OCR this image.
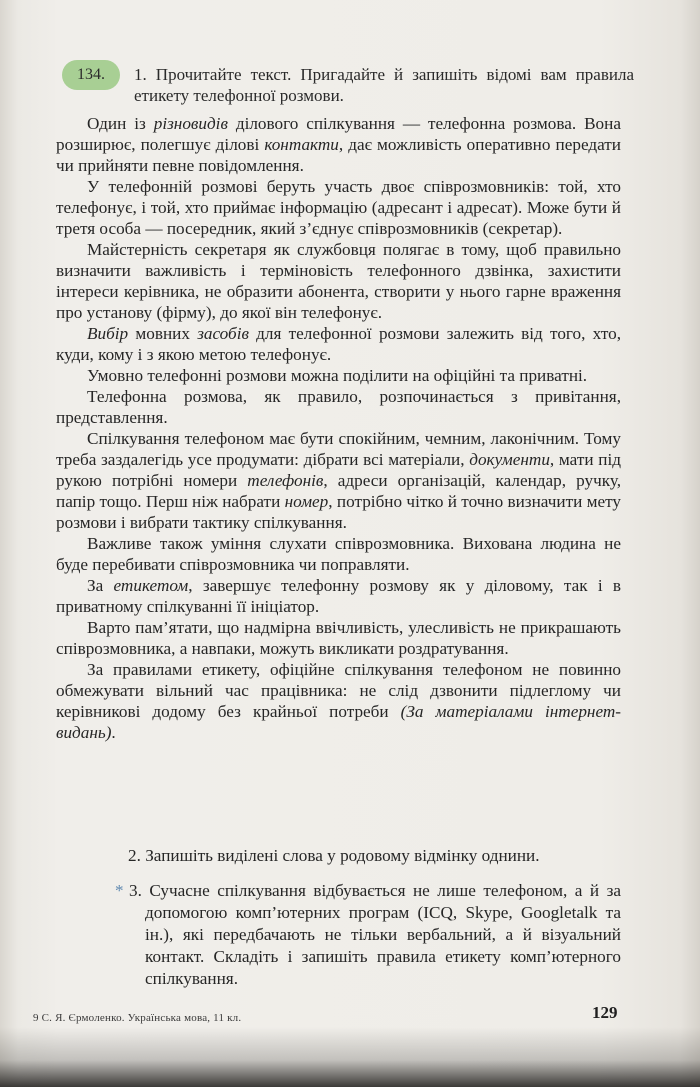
134.	1. Прочитайте текст. Пригадайте й запишіть відомі вам правила етикету телефонної розмови.

Один із різновидів ділового спілкування — телефонна розмова. Вона розширює, полегшує ділові контакти, дає можливість оперативно передати чи прийняти певне повідомлення.

У телефонній розмові беруть участь двоє співрозмовників: той, хто телефонує, і той, хто приймає інформацію (адресант і адресат). Може бути й третя особа — посередник, який з’єднує співрозмовників (секретар).

Майстерність секретаря як службовця полягає в тому, щоб правильно визначити важливість і терміновість телефонного дзвінка, захистити інтереси керівника, не образити абонента, створити у нього гарне враження про установу (фірму), до якої він телефонує.

Вибір мовних засобів для телефонної розмови залежить від того, хто, куди, кому і з якою метою телефонує.

Умовно телефонні розмови можна поділити на офіційні та приватні.

Телефонна розмова, як правило, розпочинається з привітання, представлення.

Спілкування телефоном має бути спокійним, чемним, лаконічним. Тому треба заздалегідь усе продумати: дібрати всі матеріали, документи, мати під рукою потрібні номери телефонів, адреси організацій, календар, ручку, папір тощо. Перш ніж набрати номер, потрібно чітко й точно визначити мету розмови і вибрати тактику спілкування.

Важливе також уміння слухати співрозмовника. Вихована людина не буде перебивати співрозмовника чи поправляти.

За етикетом, завершує телефонну розмову як у діловому, так і в приватному спілкуванні її ініціатор.

Варто пам’ятати, що надмірна ввічливість, улесливість не прикрашають співрозмовника, а навпаки, можуть викликати роздратування.

За правилами етикету, офіційне спілкування телефоном не повинно обмежувати вільний час працівника: не слід дзвонити підлеглому чи керівникові додому без крайньої потреби (За матеріалами інтернет-видань).

2. Запишіть виділені слова у родовому відмінку однини.
* 3. Сучасне спілкування відбувається не лише телефоном, а й за допомогою комп’ютерних програм (ICQ, Skype, Googletalk та ін.), які передбачають не тільки вербальний, а й візуальний контакт. Складіть і запишіть правила етикету комп’ютерного спілкування.
9 С. Я. Єрмоленко. Українська мова, 11 кл.	129
